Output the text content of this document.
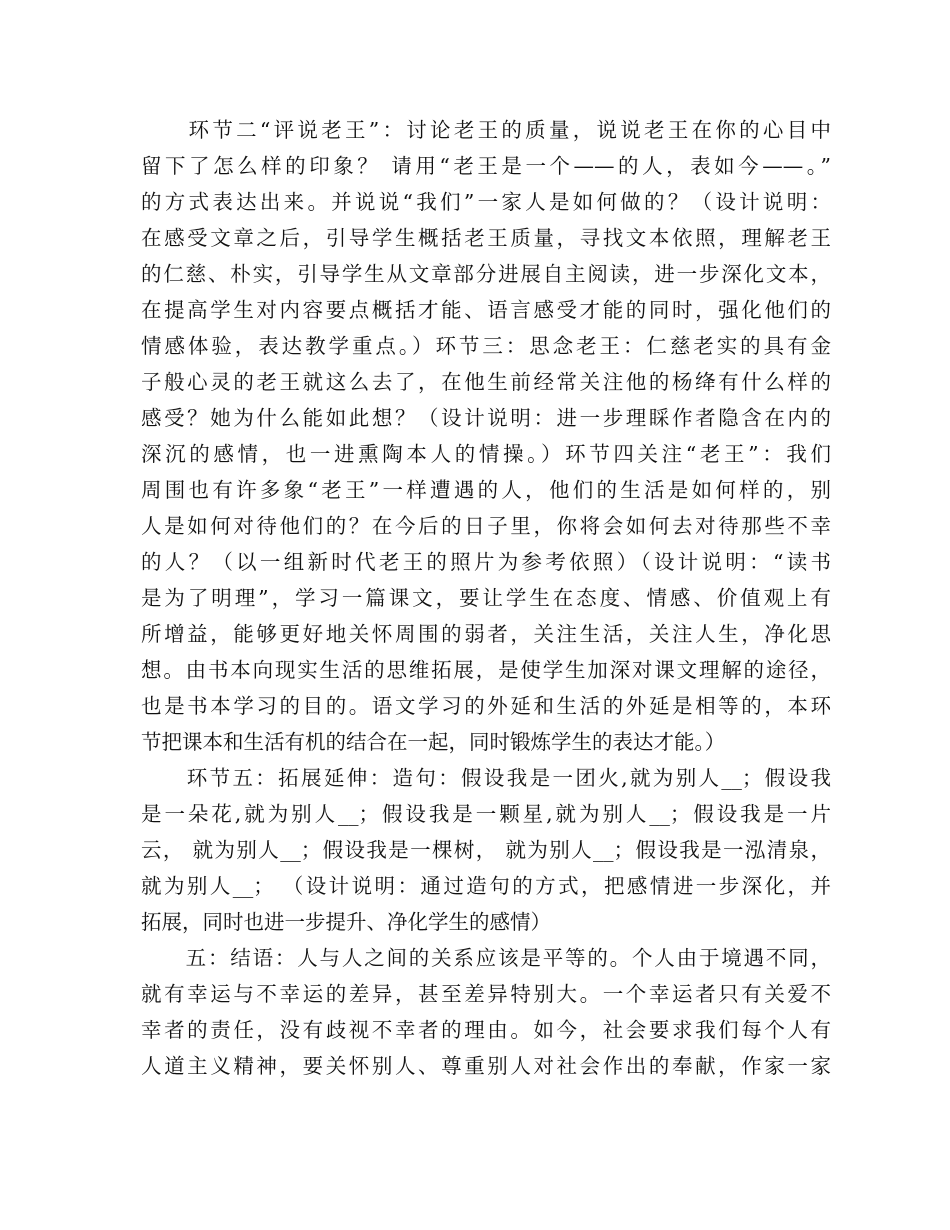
　　环节二“评说老王”：讨论老王的质量，说说老王在你的心目中
留下了怎么样的印象？ 请用“老王是一个——的人，表如今——。”
的方式表达出来。并说说“我们”一家人是如何做的？（设计说明：
在感受文章之后，引导学生概括老王质量，寻找文本依照，理解老王
的仁慈、朴实，引导学生从文章部分进展自主阅读，进一步深化文本，
在提高学生对内容要点概括才能、语言感受才能的同时，强化他们的
情感体验，表达教学重点。）环节三：思念老王：仁慈老实的具有金
子般心灵的老王就这么去了，在他生前经常关注他的杨绛有什么样的
感受？她为什么能如此想？（设计说明：进一步理睬作者隐含在内的
深沉的感情，也一进熏陶本人的情操。）环节四关注“老王”：我们
周围也有许多象“老王”一样遭遇的人，他们的生活是如何样的，别
人是如何对待他们的？在今后的日子里，你将会如何去对待那些不幸
的人？（以一组新时代老王的照片为参考依照）（设计说明：“读书
是为了明理”，学习一篇课文，要让学生在态度、情感、价值观上有
所增益，能够更好地关怀周围的弱者，关注生活，关注人生，净化思
想。由书本向现实生活的思维拓展，是使学生加深对课文理解的途径，
也是书本学习的目的。语文学习的外延和生活的外延是相等的，本环
节把课本和生活有机的结合在一起，同时锻炼学生的表达才能。）
　　环节五：拓展延伸：造句：假设我是一团火,就为别人__；假设我
是一朵花,就为别人__；假设我是一颗星,就为别人__；假设我是一片
云， 就为别人__；假设我是一棵树， 就为别人__；假设我是一泓清泉，
就为别人__； （设计说明：通过造句的方式，把感情进一步深化，并
拓展，同时也进一步提升、净化学生的感情）
　　五：结语：人与人之间的关系应该是平等的。个人由于境遇不同，
就有幸运与不幸运的差异，甚至差异特别大。一个幸运者只有关爱不
幸者的责任，没有歧视不幸者的理由。如今，社会要求我们每个人有
人道主义精神，要关怀别人、尊重别人对社会作出的奉献，作家一家
